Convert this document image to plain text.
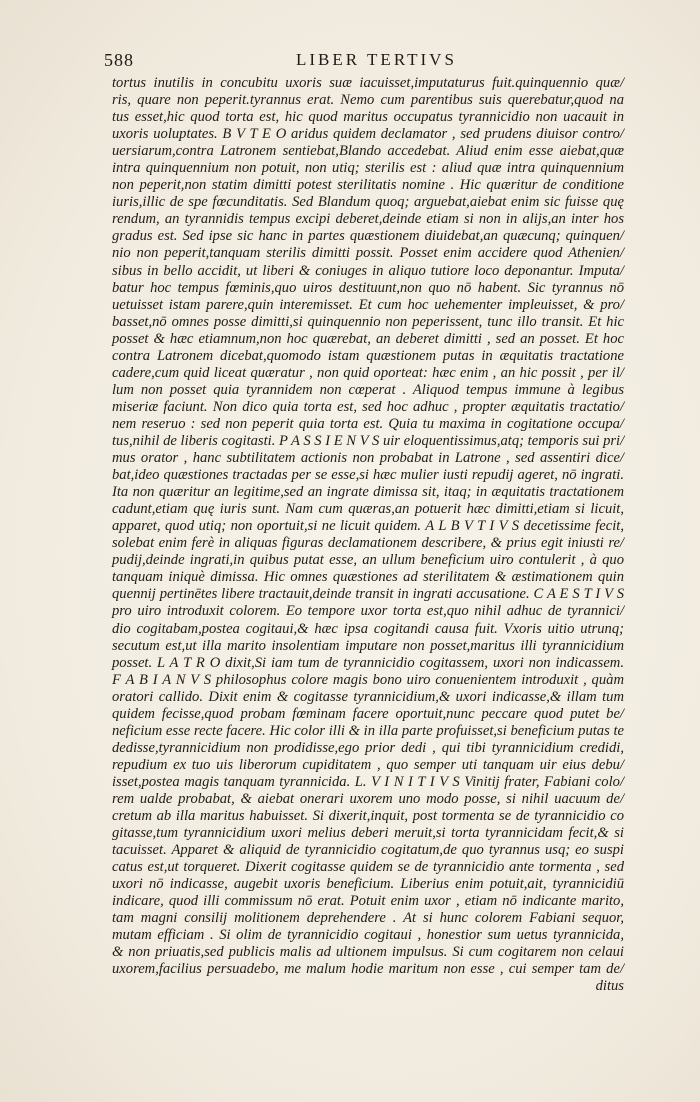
588	LIBER TERTIVS
tortus inutilis in concubitu uxoris suæ iacuisset,imputaturus fuit.quinquennio quæ/
ris, quare non peperit.tyrannus erat. Nemo cum parentibus suis querebatur,quod na
tus esset,hic quod torta est, hic quod maritus occupatus tyrannicidio non uacauit in
uxoris uoluptates. B V T E O aridus quidem declamator , sed prudens diuisor contro/
uersiarum,contra Latronem sentiebat,Blando accedebat. Aliud enim esse aiebat,quæ
intra quinquennium non potuit, non utiq; sterilis est : aliud quæ intra quinquennium
non peperit,non statim dimitti potest sterilitatis nomine . Hic quæritur de conditione
iuris,illic de spe fœcunditatis. Sed Blandum quoq; arguebat,aiebat enim sic fuisse quę
rendum, an tyrannidis tempus excipi deberet,deinde etiam si non in alijs,an inter hos
gradus est. Sed ipse sic hanc in partes quæstionem diuidebat,an quæcunq; quinquen/
nio non peperit,tanquam sterilis dimitti possit. Posset enim accidere quod Athenien/
sibus in bello accidit, ut liberi & coniuges in aliquo tutiore loco deponantur. Imputa/
batur hoc tempus fœminis,quo uiros destituunt,non quo nō habent. Sic tyrannus nō
uetuisset istam parere,quin interemisset. Et cum hoc uehementer impleuisset, & pro/
basset,nō omnes posse dimitti,si quinquennio non peperissent, tunc illo transit. Et hic
posset & hæc etiamnum,non hoc quærebat, an deberet dimitti , sed an posset. Et hoc
contra Latronem dicebat,quomodo istam quæstionem putas in æquitatis tractatione
cadere,cum quid liceat quæratur , non quid oporteat: hæc enim , an hic possit , per il/
lum non posset quia tyrannidem non cœperat . Aliquod tempus immune à legibus
miseriæ faciunt. Non dico quia torta est, sed hoc adhuc , propter æquitatis tractatio/
nem reseruo : sed non peperit quia torta est. Quia tu maxima in cogitatione occupa/
tus,nihil de liberis cogitasti. P A S S I E N V S uir eloquentissimus,atq; temporis sui pri/
mus orator , hanc subtilitatem actionis non probabat in Latrone , sed assentiri dice/
bat,ideo quæstiones tractadas per se esse,si hæc mulier iusti repudij ageret, nō ingrati.
Ita non quæritur an legitime,sed an ingrate dimissa sit, itaq; in æquitatis tractationem
cadunt,etiam quę iuris sunt. Nam cum quæras,an potuerit hæc dimitti,etiam si licuit,
apparet, quod utiq; non oportuit,si ne licuit quidem. A L B V T I V S decetissime fecit,
solebat enim ferè in aliquas figuras declamationem describere, & prius egit iniusti re/
pudij,deinde ingrati,in quibus putat esse, an ullum beneficium uiro contulerit , à quo
tanquam iniquè dimissa. Hic omnes quæstiones ad sterilitatem & æstimationem quin
quennij pertinētes libere tractauit,deinde transit in ingrati accusatione. C A E S T I V S
pro uiro introduxit colorem. Eo tempore uxor torta est,quo nihil adhuc de tyrannici/
dio cogitabam,postea cogitaui,& hæc ipsa cogitandi causa fuit. Vxoris uitio utrunq;
secutum est,ut illa marito insolentiam imputare non posset,maritus illi tyrannicidium
posset. L A T R O dixit,Si iam tum de tyrannicidio cogitassem, uxori non indicassem.
F A B I A N V S philosophus colore magis bono uiro conuenientem introduxit , quàm
oratori callido. Dixit enim & cogitasse tyrannicidium,& uxori indicasse,& illam tum
quidem fecisse,quod probam fœminam facere oportuit,nunc peccare quod putet be/
neficium esse recte facere. Hic color illi & in illa parte profuisset,si beneficium putas te
dedisse,tyrannicidium non prodidisse,ego prior dedi , qui tibi tyrannicidium credidi,
repudium ex tuo uis liberorum cupiditatem , quo semper uti tanquam uir eius debu/
isset,postea magis tanquam tyrannicida. L. V I N I T I V S Vinitij frater, Fabiani colo/
rem ualde probabat, & aiebat onerari uxorem uno modo posse, si nihil uacuum de/
cretum ab illa maritus habuisset. Si dixerit,inquit, post tormenta se de tyrannicidio co
gitasse,tum tyrannicidium uxori melius deberi meruit,si torta tyrannicidam fecit,& si
tacuisset. Apparet & aliquid de tyrannicidio cogitatum,de quo tyrannus usq; eo suspi
catus est,ut torqueret. Dixerit cogitasse quidem se de tyrannicidio ante tormenta , sed
uxori nō indicasse, augebit uxoris beneficium. Liberius enim potuit,ait, tyrannicidiū
indicare, quod illi commissum nō erat. Potuit enim uxor , etiam nō indicante marito,
tam magni consilij molitionem deprehendere . At si hunc colorem Fabiani sequor,
mutam efficiam . Si olim de tyrannicidio cogitaui , honestior sum uetus tyrannicida,
& non priuatis,sed publicis malis ad ultionem impulsus. Si cum cogitarem non celaui
uxorem,facilius persuadebo, me malum hodie maritum non esse , cui semper tam de/
ditus
